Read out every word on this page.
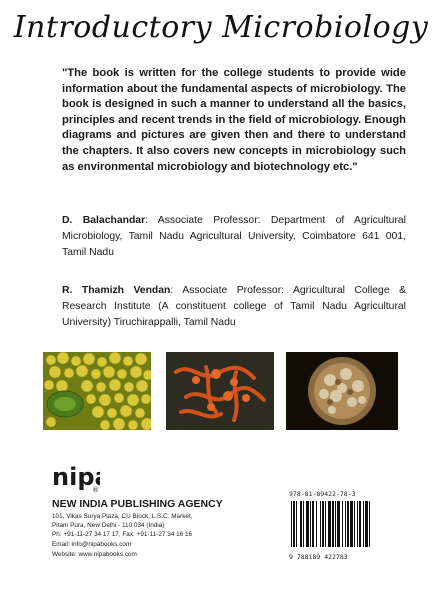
Introductory Microbiology

"The book is written for the college students to provide wide information about the fundamental aspects of microbiology. The book is designed in such a manner to understand all the basics, principles and recent trends in the field of microbiology. Enough diagrams and pictures are given then and there to understand the chapters. It also covers new concepts in microbiology such as environmental microbiology and biotechnology etc."

D. Balachandar: Associate Professor: Department of Agricultural Microbiology, Tamil Nadu Agricultural University, Coimbatore 641 001, Tamil Nadu

R. Thamizh Vendan: Associate Professor: Agricultural College & Research Institute (A constituent college of Tamil Nadu Agricultural University) Tiruchirappalli, Tamil Nadu

nip
®
NEW INDIA PUBLISHING AGENCY
101, Vikas Surya Plaza, CU Block, L.S.C. Market,
Pitam Pura, New Delhi - 110 034 (India)
Ph: +91-11-27 34 17 17, Fax: +91-11-27 34 16 16
Email: info@nipabooks.com
Website: www.nipabooks.com
978-81-89422-78-3
9 788189 422783
